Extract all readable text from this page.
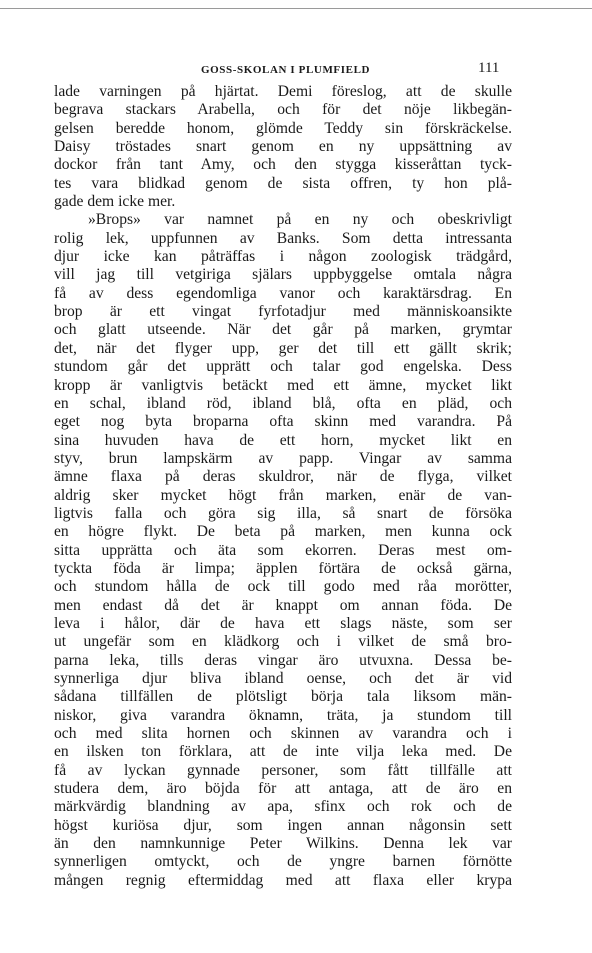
GOSS-SKOLAN I PLUMFIELD	111
lade varningen på hjärtat. Demi föreslog, att de skulle
begrava stackars Arabella, och för det nöje likbegän-
gelsen beredde honom, glömde Teddy sin förskräckelse.
Daisy tröstades snart genom en ny uppsättning av
dockor från tant Amy, och den stygga kisseråttan tyck-
tes vara blidkad genom de sista offren, ty hon plå-
gade dem icke mer.
»Brops» var namnet på en ny och obeskrivligt
rolig lek, uppfunnen av Banks. Som detta intressanta
djur icke kan påträffas i någon zoologisk trädgård,
vill jag till vetgiriga själars uppbyggelse omtala några
få av dess egendomliga vanor och karaktärsdrag. En
brop är ett vingat fyrfotadjur med människoansikte
och glatt utseende. När det går på marken, grymtar
det, när det flyger upp, ger det till ett gällt skrik;
stundom går det upprätt och talar god engelska. Dess
kropp är vanligtvis betäckt med ett ämne, mycket likt
en schal, ibland röd, ibland blå, ofta en pläd, och
eget nog byta broparna ofta skinn med varandra. På
sina huvuden hava de ett horn, mycket likt en
styv, brun lampskärm av papp. Vingar av samma
ämne flaxa på deras skuldror, när de flyga, vilket
aldrig sker mycket högt från marken, enär de van-
ligtvis falla och göra sig illa, så snart de försöka
en högre flykt. De beta på marken, men kunna ock
sitta upprätta och äta som ekorren. Deras mest om-
tyckta föda är limpa; äpplen förtära de också gärna,
och stundom hålla de ock till godo med råa morötter,
men endast då det är knappt om annan föda. De
leva i hålor, där de hava ett slags näste, som ser
ut ungefär som en klädkorg och i vilket de små bro-
parna leka, tills deras vingar äro utvuxna. Dessa be-
synnerliga djur bliva ibland oense, och det är vid
sådana tillfällen de plötsligt börja tala liksom män-
niskor, giva varandra öknamn, träta, ja stundom till
och med slita hornen och skinnen av varandra och i
en ilsken ton förklara, att de inte vilja leka med. De
få av lyckan gynnade personer, som fått tillfälle att
studera dem, äro böjda för att antaga, att de äro en
märkvärdig blandning av apa, sfinx och rok och de
högst kuriösa djur, som ingen annan någonsin sett
än den namnkunnige Peter Wilkins. Denna lek var
synnerligen omtyckt, och de yngre barnen förnötte
mången regnig eftermiddag med att flaxa eller krypa
